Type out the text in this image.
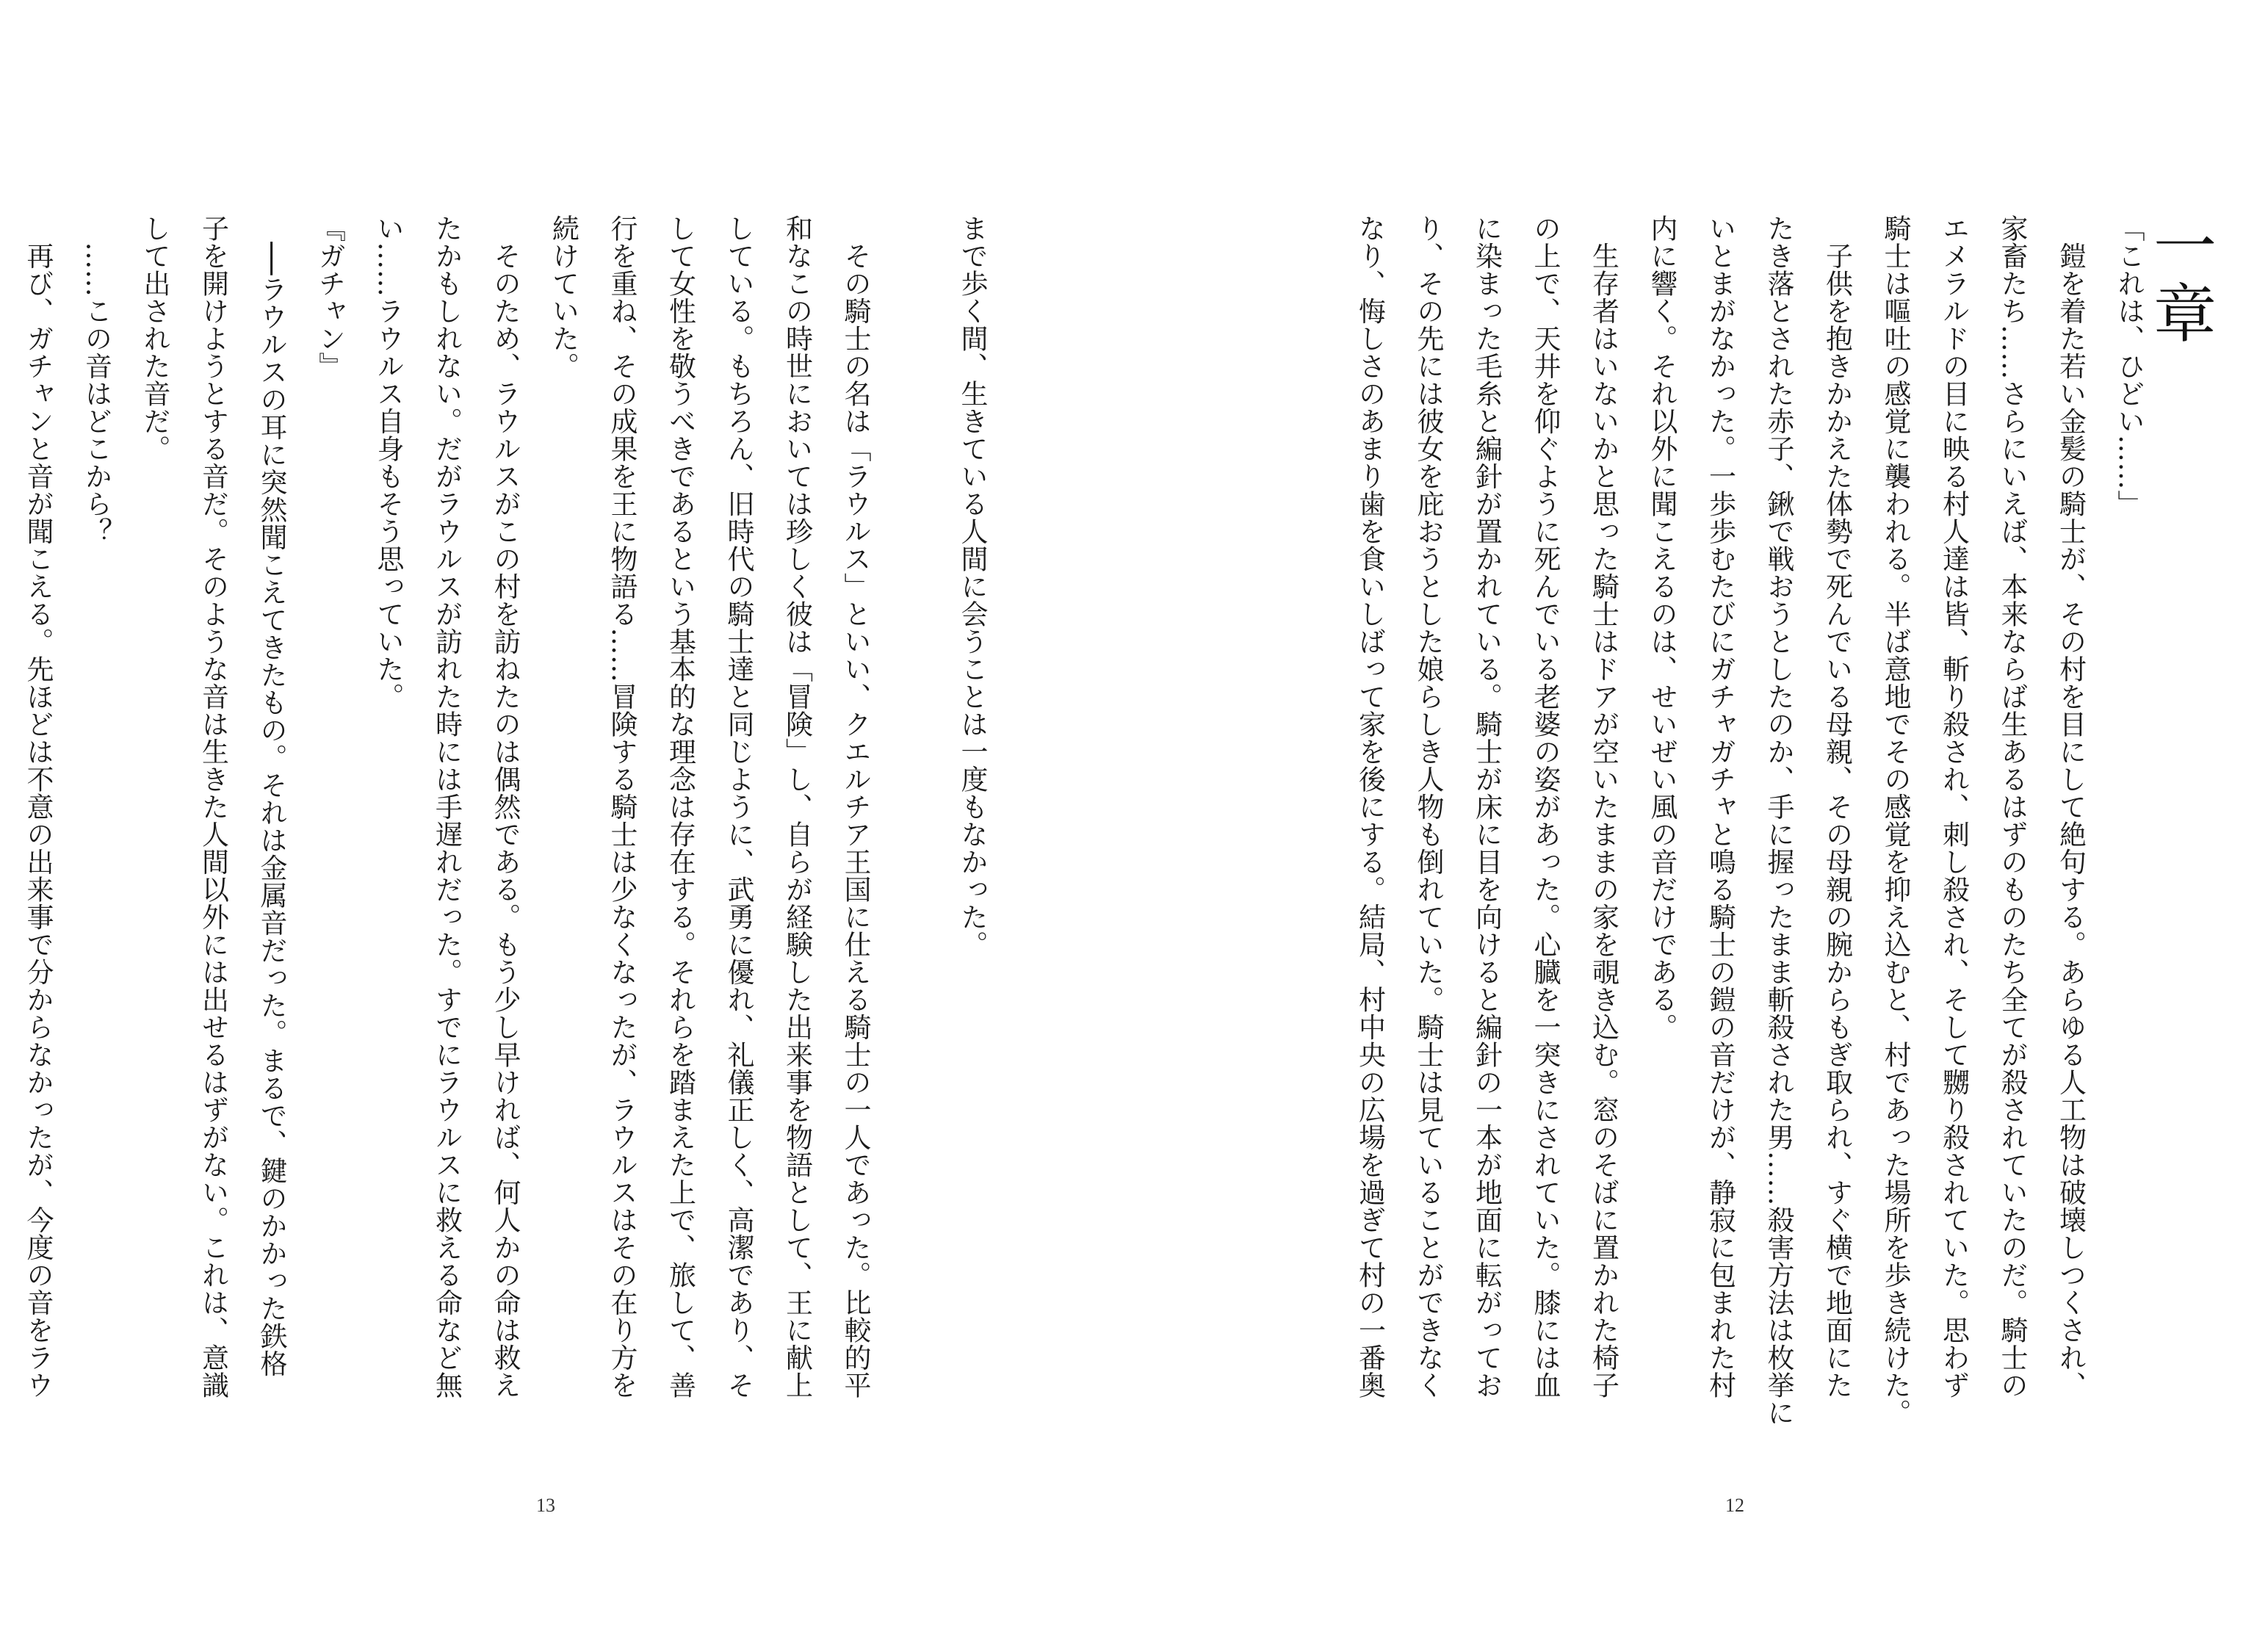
まで歩く間、生きている人間に会うことは一度もなかった。
　その騎士の名は「ラウルス」といい、クエルチア王国に仕える騎士の一人であった。比較的平
和なこの時世においては珍しく彼は「冒険」し、自らが経験した出来事を物語として、王に献上
している。もちろん、旧時代の騎士達と同じように、武勇に優れ、礼儀正しく、高潔であり、そ
して女性を敬うべきであるという基本的な理念は存在する。それらを踏まえた上で、旅して、善
行を重ね、その成果を王に物語る……冒険する騎士は少なくなったが、ラウルスはその在り方を
続けていた。
　そのため、ラウルスがこの村を訪ねたのは偶然である。もう少し早ければ、何人かの命は救え
たかもしれない。だがラウルスが訪れた時には手遅れだった。すでにラウルスに救える命など無
い……ラウルス自身もそう思っていた。
『ガチャン』
　──ラウルスの耳に突然聞こえてきたもの。それは金属音だった。まるで、鍵のかかった鉄格
子を開けようとする音だ。そのような音は生きた人間以外には出せるはずがない。これは、意識
して出された音だ。
　……この音はどこから？
　再び、ガチャンと音が聞こえる。先ほどは不意の出来事で分からなかったが、今度の音をラウ
13
一章
「これは、ひどい……」
　鎧を着た若い金髪の騎士が、その村を目にして絶句する。あらゆる人工物は破壊しつくされ、
家畜たち……さらにいえば、本来ならば生あるはずのものたち全てが殺されていたのだ。騎士の
エメラルドの目に映る村人達は皆、斬り殺され、刺し殺され、そして嬲り殺されていた。思わず
騎士は嘔吐の感覚に襲われる。半ば意地でその感覚を抑え込むと、村であった場所を歩き続けた。
　子供を抱きかかえた体勢で死んでいる母親、その母親の腕からもぎ取られ、すぐ横で地面にた
たき落とされた赤子、鍬で戦おうとしたのか、手に握ったまま斬殺された男……殺害方法は枚挙に
いとまがなかった。一歩歩むたびにガチャガチャと鳴る騎士の鎧の音だけが、静寂に包まれた村
内に響く。それ以外に聞こえるのは、せいぜい風の音だけである。
　生存者はいないかと思った騎士はドアが空いたままの家を覗き込む。窓のそばに置かれた椅子
の上で、天井を仰ぐように死んでいる老婆の姿があった。心臓を一突きにされていた。膝には血
に染まった毛糸と編針が置かれている。騎士が床に目を向けると編針の一本が地面に転がってお
り、その先には彼女を庇おうとした娘らしき人物も倒れていた。騎士は見ていることができなく
なり、悔しさのあまり歯を食いしばって家を後にする。結局、村中央の広場を過ぎて村の一番奥
12
